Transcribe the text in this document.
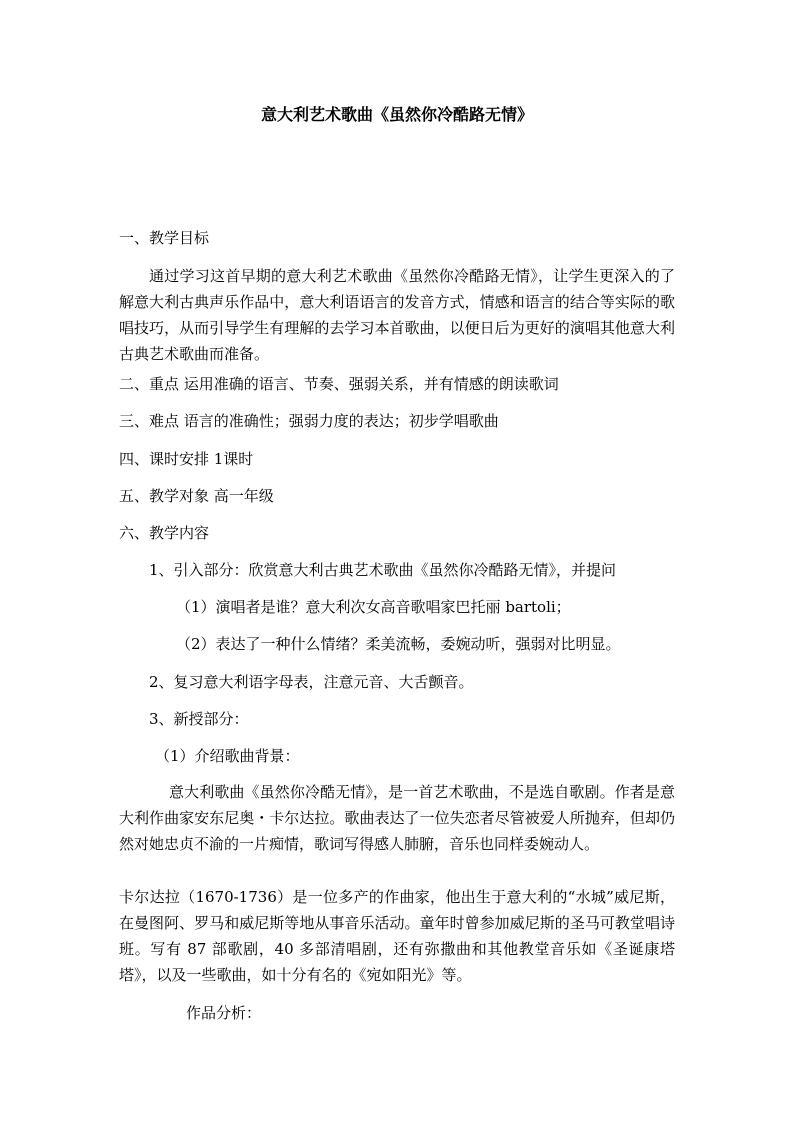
意大利艺术歌曲《虽然你冷酷路无情》
一、教学目标
通过学习这首早期的意大利艺术歌曲《虽然你冷酷路无情》，让学生更深入的了解意大利古典声乐作品中，意大利语语言的发音方式，情感和语言的结合等实际的歌唱技巧，从而引导学生有理解的去学习本首歌曲，以便日后为更好的演唱其他意大利古典艺术歌曲而准备。
二、重点 运用准确的语言、节奏、强弱关系，并有情感的朗读歌词
三、难点 语言的准确性；强弱力度的表达；初步学唱歌曲
四、课时安排 1课时
五、教学对象 高一年级
六、教学内容
1、引入部分：欣赏意大利古典艺术歌曲《虽然你冷酷路无情》，并提问
（1）演唱者是谁？意大利次女高音歌唱家巴托丽 bartoli；
（2）表达了一种什么情绪？柔美流畅，委婉动听，强弱对比明显。
2、复习意大利语字母表，注意元音、大舌颤音。
3、新授部分：
（1）介绍歌曲背景：
意大利歌曲《虽然你冷酷无情》，是一首艺术歌曲，不是选自歌剧。作者是意大利作曲家安东尼奥・卡尔达拉。歌曲表达了一位失恋者尽管被爱人所抛弃，但却仍然对她忠贞不渝的一片痴情，歌词写得感人肺腑，音乐也同样委婉动人。
卡尔达拉（1670-1736）是一位多产的作曲家，他出生于意大利的“水城”威尼斯，在曼图阿、罗马和威尼斯等地从事音乐活动。童年时曾参加威尼斯的圣马可教堂唱诗班。写有 87 部歌剧，40 多部清唱剧，还有弥撒曲和其他教堂音乐如《圣诞康塔塔》，以及一些歌曲，如十分有名的《宛如阳光》等。
作品分析：
